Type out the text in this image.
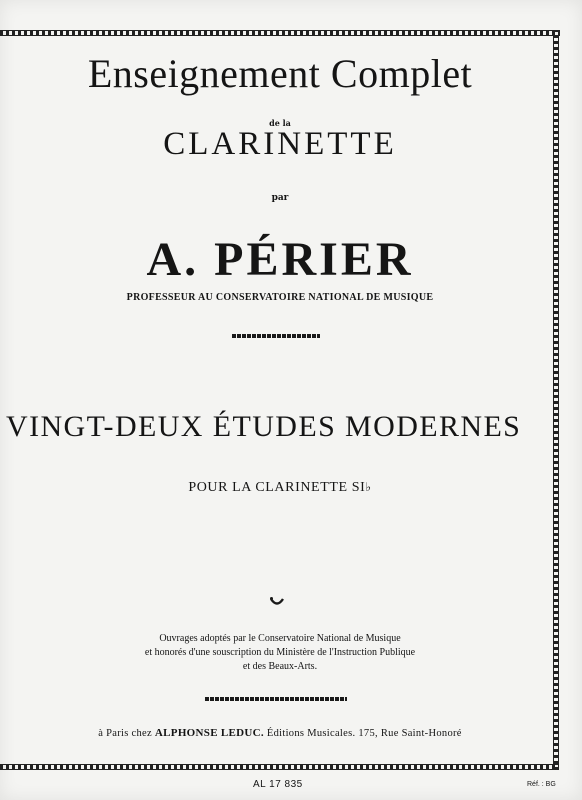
Enseignement Complet
de la
CLARINETTE
par
A. PÉRIER
PROFESSEUR AU CONSERVATOIRE NATIONAL DE MUSIQUE
VINGT-DEUX ÉTUDES MODERNES
POUR LA CLARINETTE SI♭
Ouvrages adoptés par le Conservatoire National de Musique
et honorés d'une souscription du Ministère de l'Instruction Publique
et des Beaux-Arts.
à Paris chez ALPHONSE LEDUC. Éditions Musicales. 175, Rue Saint-Honoré
AL 17 835	Réf. : BG
